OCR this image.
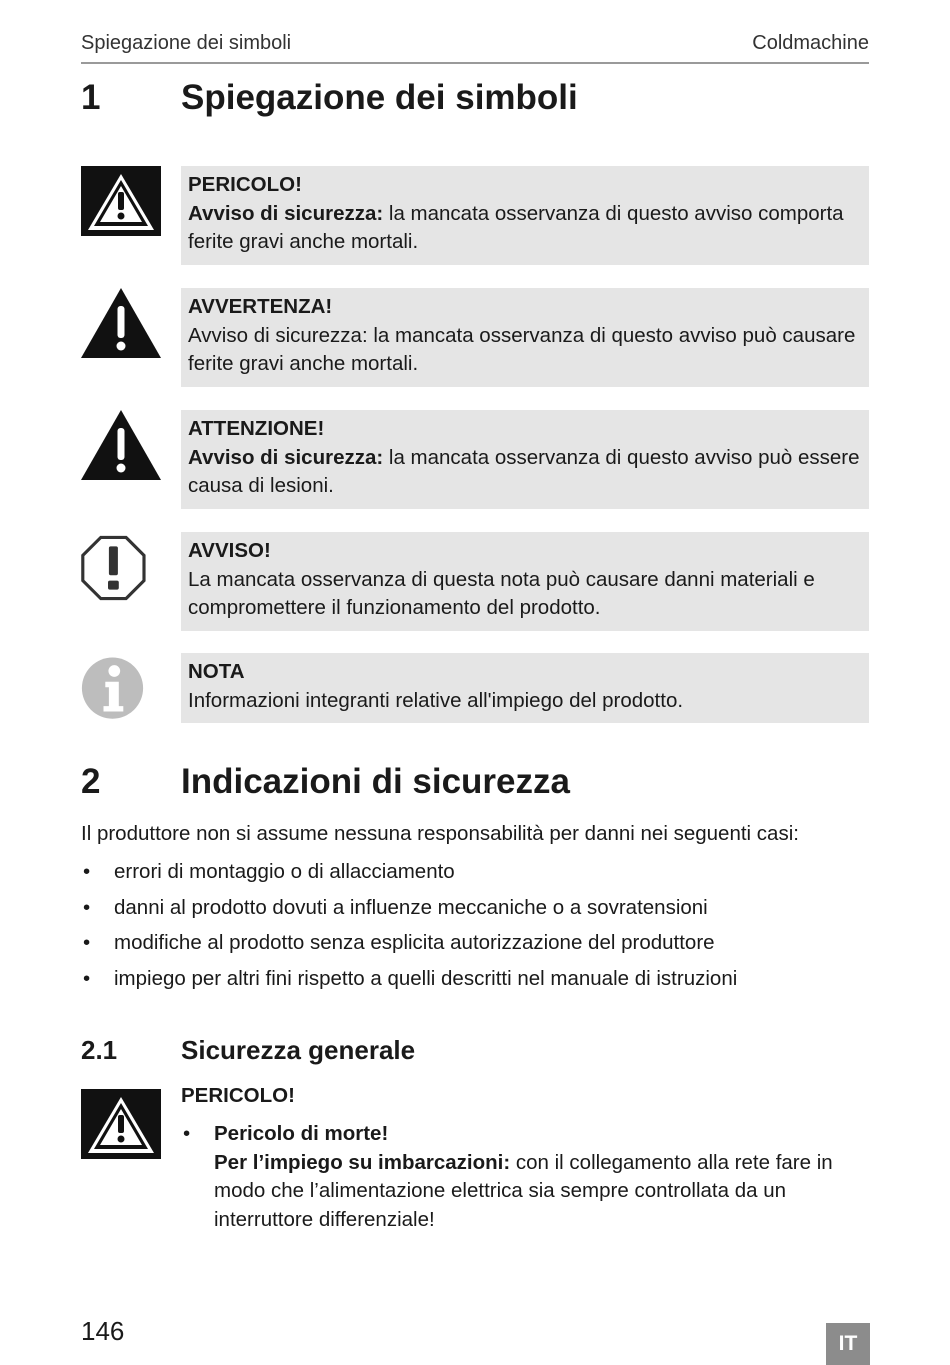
Spiegazione dei simboli	Coldmachine
1 Spiegazione dei simboli
PERICOLO!
Avviso di sicurezza: la mancata osservanza di questo avviso comporta ferite gravi anche mortali.
AVVERTENZA!
Avviso di sicurezza: la mancata osservanza di questo avviso può causare ferite gravi anche mortali.
ATTENZIONE!
Avviso di sicurezza: la mancata osservanza di questo avviso può essere causa di lesioni.
AVVISO!
La mancata osservanza di questa nota può causare danni materiali e compromettere il funzionamento del prodotto.
NOTA
Informazioni integranti relative all'impiego del prodotto.
2 Indicazioni di sicurezza
Il produttore non si assume nessuna responsabilità per danni nei seguenti casi:
• errori di montaggio o di allacciamento
• danni al prodotto dovuti a influenze meccaniche o a sovratensioni
• modifiche al prodotto senza esplicita autorizzazione del produttore
• impiego per altri fini rispetto a quelli descritti nel manuale di istruzioni
2.1 Sicurezza generale
PERICOLO!
• Pericolo di morte!
Per l’impiego su imbarcazioni: con il collegamento alla rete fare in modo che l’alimentazione elettrica sia sempre controllata da un interruttore differenziale!
146	IT
